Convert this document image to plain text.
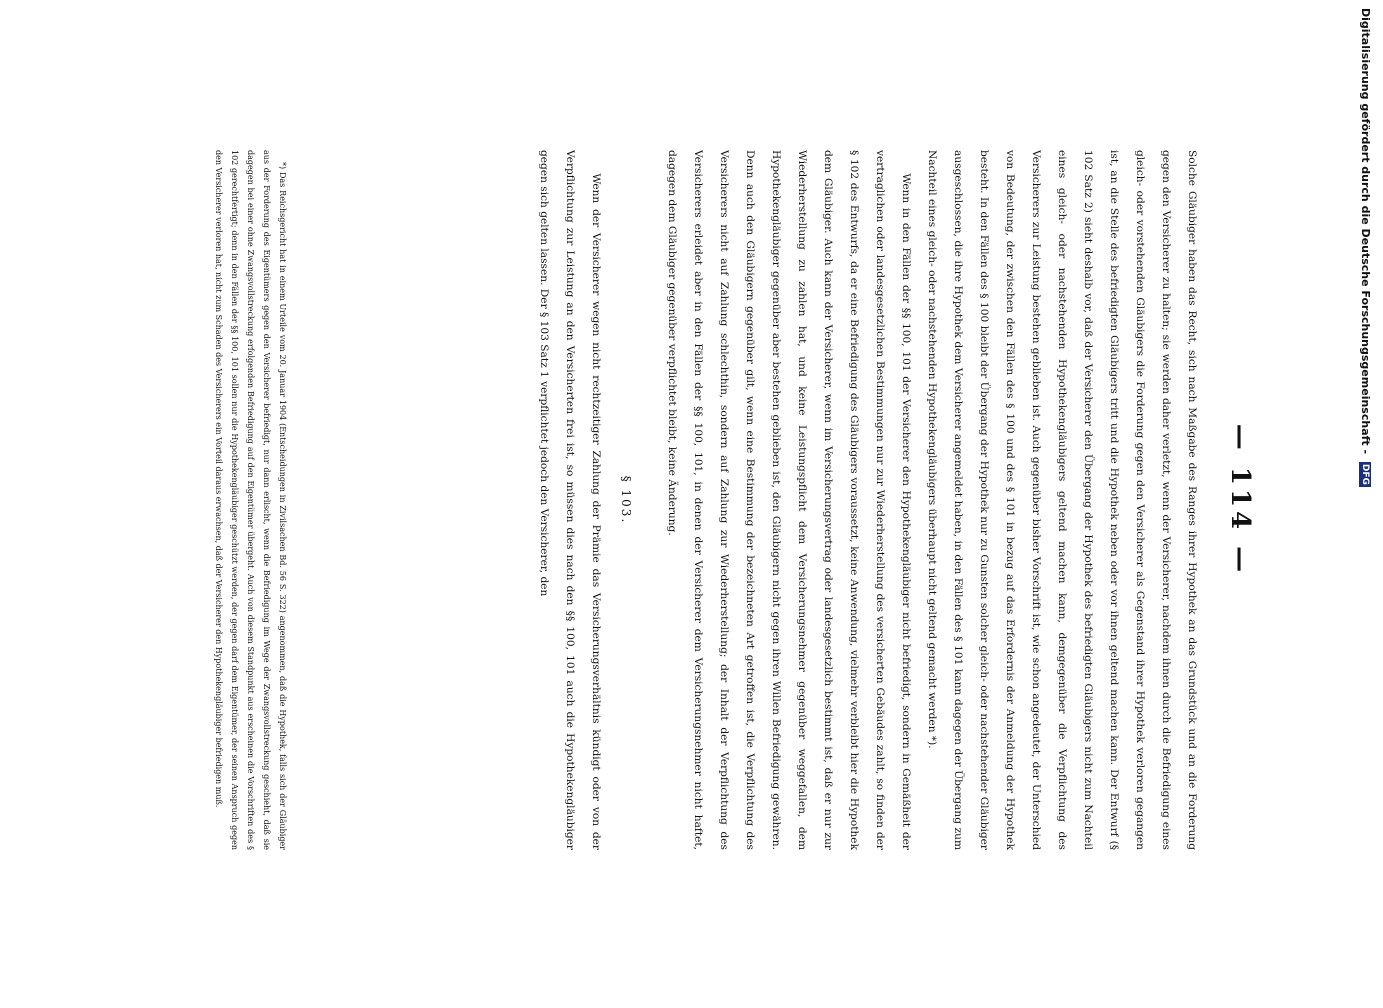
— 114 —

Solche Gläubiger haben das Recht, sich nach Maßgabe des Ranges ihrer Hypothek an das Grundstück und an die Forderung gegen den Versicherer zu halten; sie werden daher verletzt, wenn der Versicherer, nachdem ihnen durch die Befriedigung eines gleich- oder vorstehenden Gläubigers die Forderung gegen den Versicherer als Gegenstand ihrer Hypothek verloren gegangen ist, an die Stelle des befriedigten Gläubigers tritt und die Hypothek neben oder vor ihnen geltend machen kann. Der Entwurf (§ 102 Satz 2) sieht deshalb vor, daß der Versicherer den Übergang der Hypothek des befriedigten Gläubigers nicht zum Nachteil eines gleich- oder nachstehenden Hypothekengläubigers geltend machen kann, demgegenüber die Verpflichtung des Versicherers zur Leistung bestehen geblieben ist. Auch gegenüber bisher Vorschrift ist, wie schon angedeutet, der Unterschied von Bedeutung, der zwischen den Fällen des § 100 und des § 101 in bezug auf das Erfordernis der Anmeldung der Hypothek besteht. In den Fällen des § 100 bleibt der Übergang der Hypothek nur zu Gunsten solcher gleich- oder nachstehender Gläubiger ausgeschlossen, die ihre Hypothek dem Versicherer angemeldet haben, in den Fällen des § 101 kann dagegen der Übergang zum Nachteil eines gleich- oder nachstehenden Hypothekengläubigers überhaupt nicht geltend gemacht werden *).

Wenn in den Fällen der §§ 100, 101 der Versicherer den Hypothekengläubiger nicht befriedigt, sondern in Gemäßheit der vertraglichen oder landesgesetzlichen Bestimmungen nur zur Wiederherstellung des versicherten Gebäudes zahlt, so finden der § 102 des Entwurfs, da er eine Befriedigung des Gläubigers voraussetzt, keine Anwendung, vielmehr verbleibt hier die Hypothek dem Gläubiger. Auch kann der Versicherer, wenn im Versicherungsvertrag oder landesgesetzlich bestimmt ist, daß er nur zur Wiederherstellung zu zahlen hat, und keine Leistungspflicht dem Versicherungsnehmer gegenüber weggefallen, dem Hypothekengläubiger gegenüber aber bestehen geblieben ist, den Gläubigern nicht gegen ihren Willen Befriedigung gewähren. Denn auch den Gläubigern gegenüber gilt, wenn eine Bestimmung der bezeichneten Art getroffen ist, die Verpflichtung des Versicherers nicht auf Zahlung schlechthin, sondern auf Zahlung zur Wiederherstellung; der Inhalt der Verpflichtung des Versicherers erleidet aber in den Fällen der §§ 100, 101, in denen der Versicherer dem Versicherungsnehmer nicht haftet, dagegen dem Gläubiger gegenüber verpflichtet bleibt, keine Änderung.

§ 103.

Wenn der Versicherer wegen nicht rechtzeitiger Zahlung der Prämie das Versicherungsverhältnis kündigt oder von der Verpflichtung zur Leistung an den Versicherten frei ist, so müssen dies nach den §§ 100, 101 auch die Hypothekengläubiger gegen sich gelten lassen. Der § 103 Satz 1 verpflichtet jedoch den Versicherer, den

*) Das Reichsgericht hat in einem Urteile vom 20. Januar 1904 (Entscheidungen in Zivilsachen Bd. 56 S. 322) angenommen, daß die Hypothek, falls sich der Gläubiger aus der Forderung des Eigentümers gegen den Versicherer befriedigt, nur dann erlischt, wenn die Befriedigung im Wege der Zwangsvollstreckung geschieht, daß sie dagegen bei einer ohne Zwangsvollstreckung erfolgenden Befriedigung auf den Eigentümer übergeht. Auch von diesem Standpunkt aus erscheinen die Vorschriften des § 102 gerechtfertigt; denn in den Fällen der §§ 100, 101 sollen nur die Hypothekengläubiger geschützt werden, der gegen darf dem Eigentümer, der seinen Anspruch gegen den Versicherer verloren hat, nicht zum Schaden des Versicherers ein Vorteil daraus erwachsen, daß der Versicherer den Hypothekengläubiger befriedigen muß.	Digitalisierung gefördert durch die Deutsche Forschungsgemeinschaft - DFG
